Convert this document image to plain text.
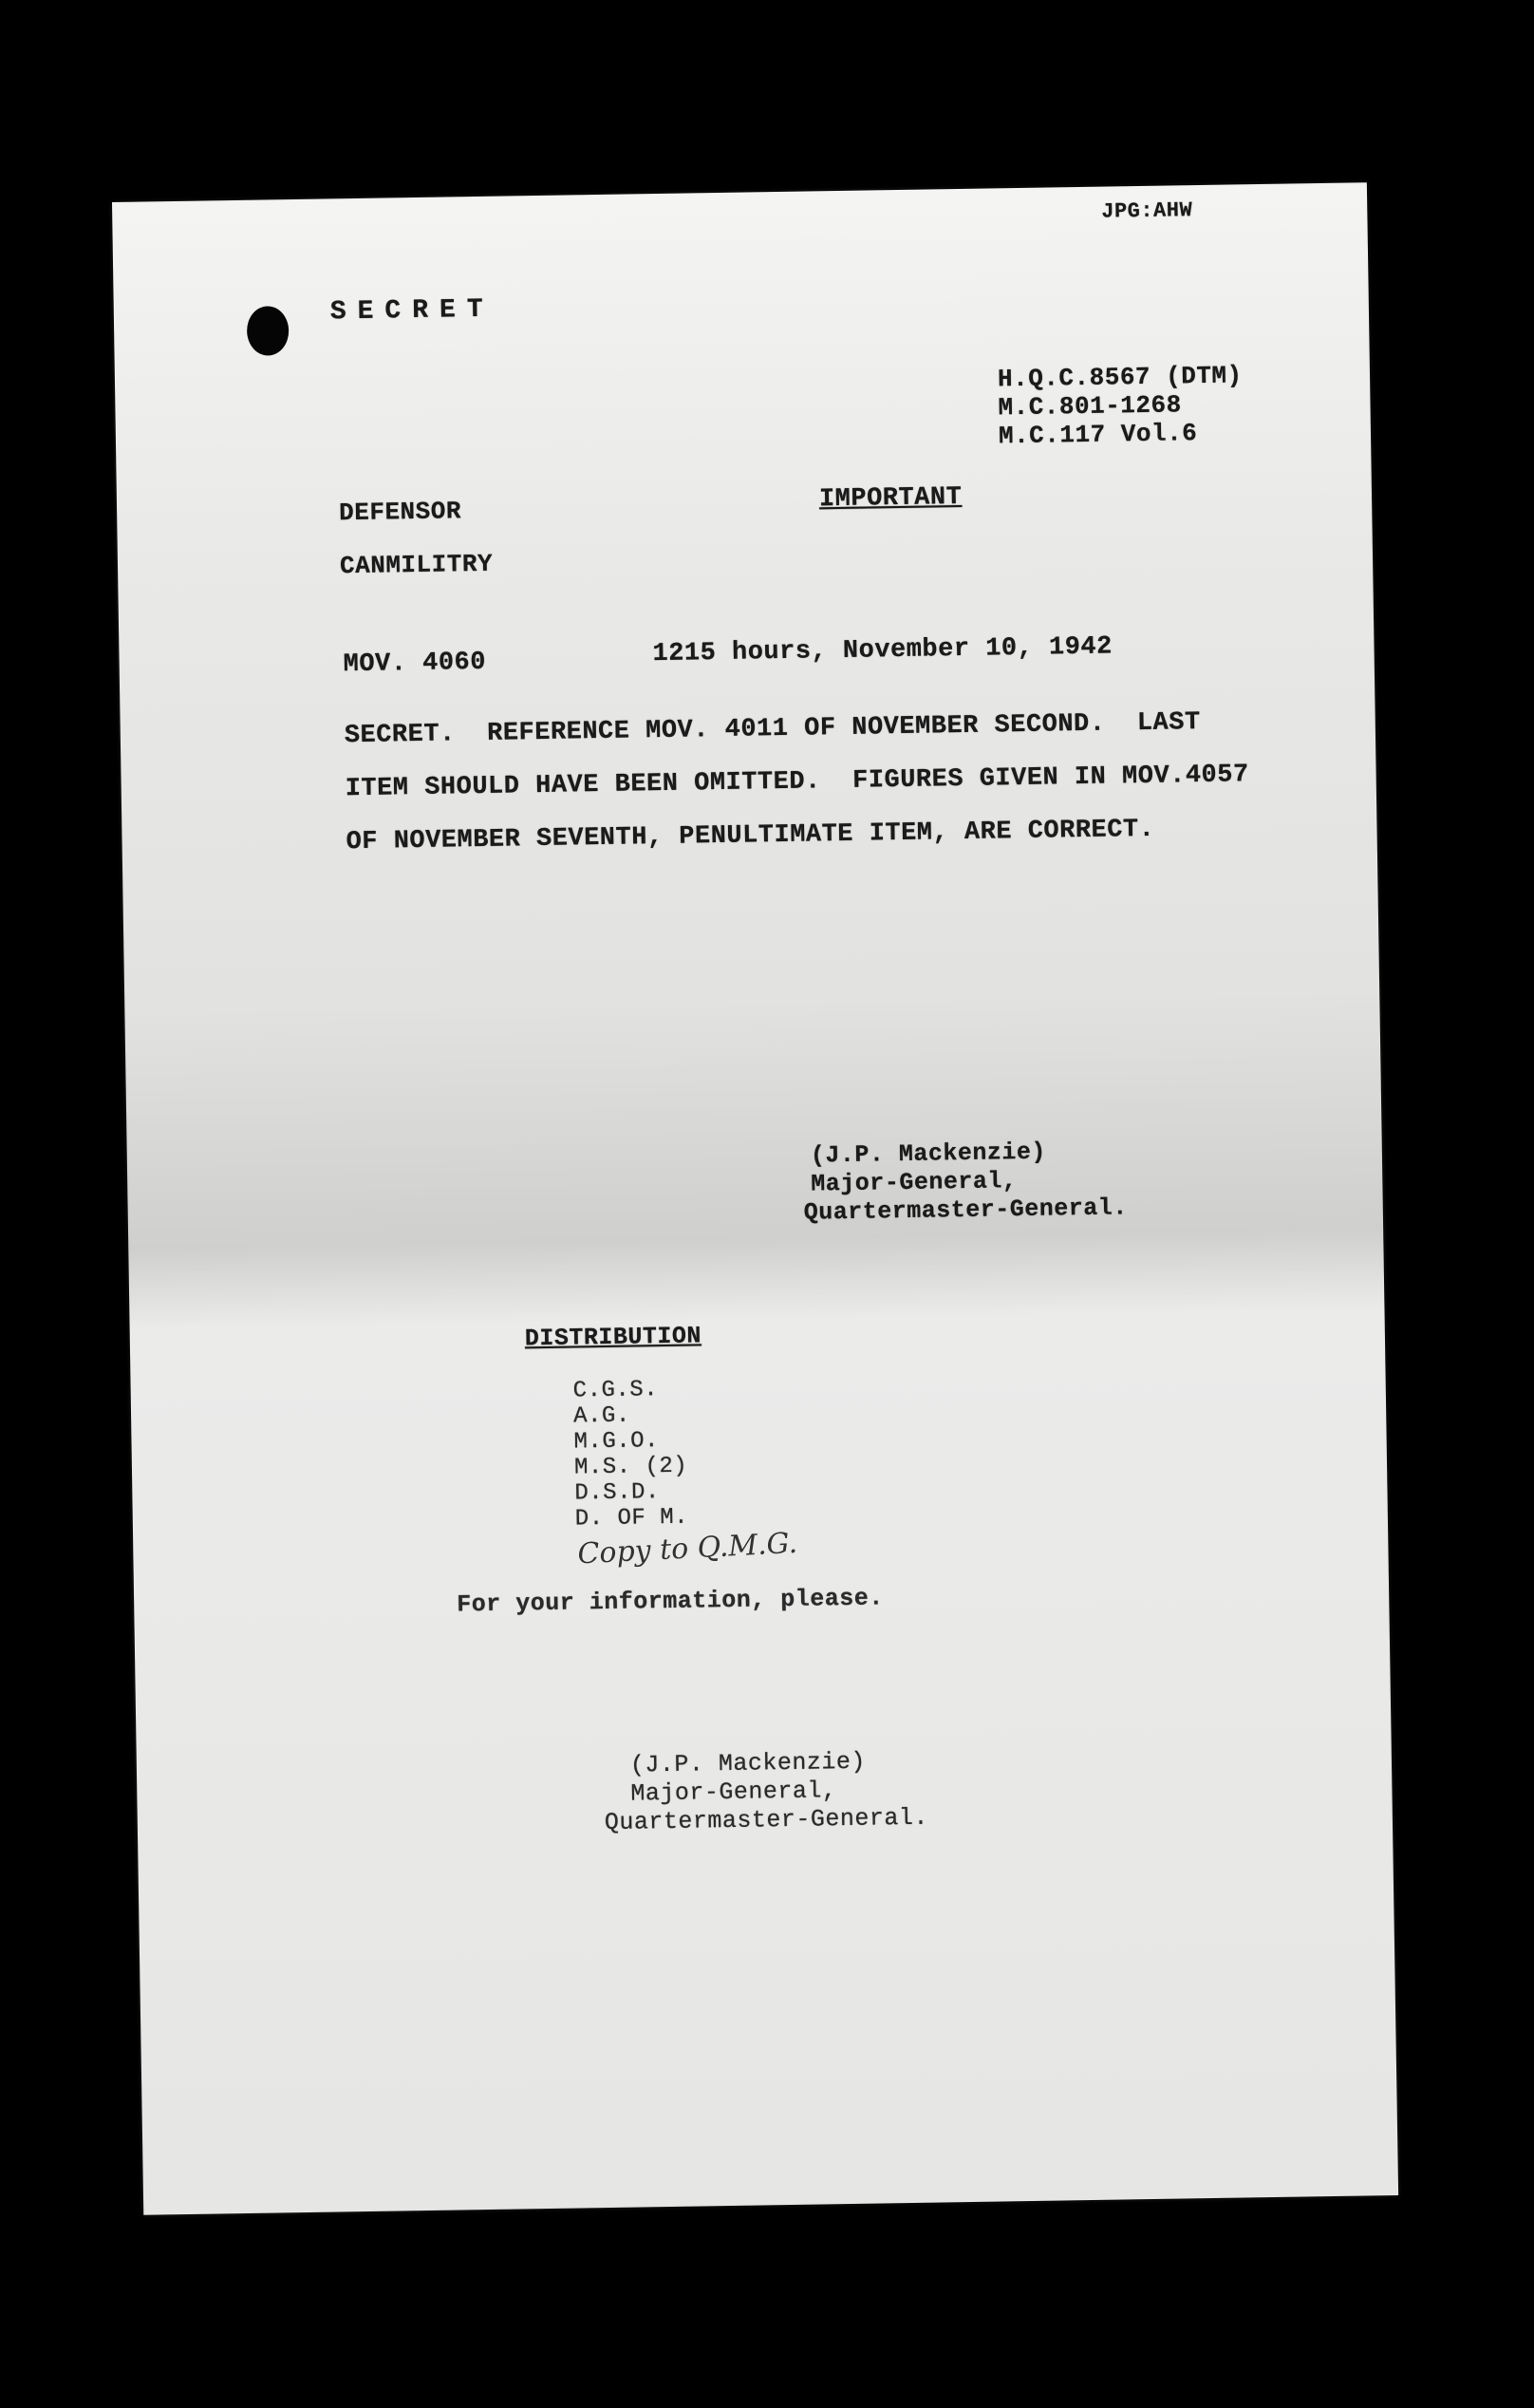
JPG:AHW
SECRET
H.Q.C.8567 (DTM)
M.C.801-1268
M.C.117 Vol.6
DEFENSOR
CANMILITRY
IMPORTANT
MOV. 4060	1215 hours, November 10, 1942
SECRET.  REFERENCE MOV. 4011 OF NOVEMBER SECOND.  LAST
ITEM SHOULD HAVE BEEN OMITTED.  FIGURES GIVEN IN MOV.4057
OF NOVEMBER SEVENTH, PENULTIMATE ITEM, ARE CORRECT.
(J.P. Mackenzie)
Major-General,
Quartermaster-General.
DISTRIBUTION
C.G.S.
A.G.
M.G.O.
M.S. (2)
D.S.D.
D. OF M.
Copy to Q.M.G.
For your information, please.
(J.P. Mackenzie)
Major-General,
Quartermaster-General.
